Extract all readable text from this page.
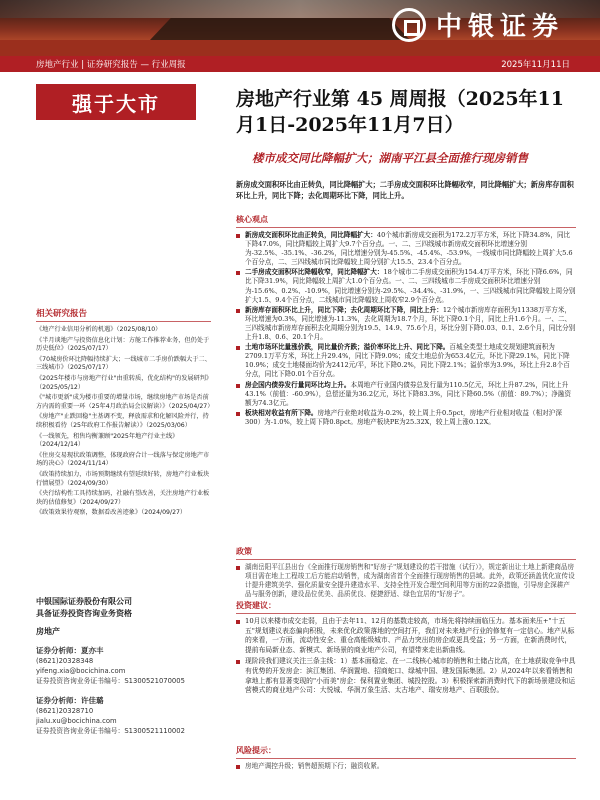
中银证券
房地产行业 | 证券研究报告 — 行业周报	2025年11月11日
强于大市	房地产行业第 45 周周报（2025年11月1日-2025年11月7日）
楼市成交同比降幅扩大；湖南平江县全面推行现房销售
相关研究报告
《地产行业信用分析的机遇》（2025/08/10）
《半月谈地产与投资信息化计划：方舱工作推荐业务，但仍处于历史低位》（2025/07/17）
《70城房价环比降幅持续扩大；一线城市二手房价跌幅大于二、三线城市》（2025/07/17）
《2025年楼市与房地产行业"由重转质，优化结构"的发展研判》（2025/05/12）
《"城市更新"成为楼市重要的增量市场，继续房地产市场是否前方内需的重要一环（25年4月政治局会议解读）》（2025/04/27）
《房地产"止跌回稳"主基调不变，释放需求和化解风险并行，持续积极看待（25年政府工作报告解读）》（2025/03/06）
《一线领先，租售均衡兼顾"2025年地产行业主线》（2024/12/14）
《住房交易现状政策调整，体现政府合计一线落与保定房地产市场的决心》（2024/11/14）
《政策持续加力，市场预期继续有望延续好转，房地产行业板块行情展望》（2024/09/30）
《央行结构性工具持续加码，社融有望改善，关注房地产行业板块的估值修复》（2024/09/27）
《政策效果待观察，数据看改善迹象》（2024/09/27）
中银国际证券股份有限公司
具备证券投资咨询业务资格
房地产
证券分析师：夏亦丰
(8621)20328348
yifeng.xia@bocichina.com
证券投资咨询业务证书编号：S1300521070005
证券分析师：许佳璐
(8621)20328710
jialu.xu@bocichina.com
证券投资咨询业务证书编号：S1300521110002
新房成交面积环比由正转负，同比降幅扩大；二手房成交面积环比降幅收窄，同比降幅扩大；新房库存面积环比上升，同比下降；去化周期环比下降，同比上升。
核心观点
新房成交面积环比由正转负，同比降幅扩大：40个城市新房成交面积为172.2万平方米，环比下降34.8%，同比下降47.0%，同比降幅较上周扩大9.7个百分点。一、二、三四线城市新房成交面积环比增速分别为-32.5%、-35.1%、-36.2%，同比增速分别为-45.5%、-45.4%、-53.9%，一线城市同比降幅较上周扩大5.6个百分点，二、三四线城市同比降幅较上周分别扩大15.5、23.4个百分点。
二手房成交面积环比降幅收窄，同比降幅扩大：18个城市二手房成交面积为154.4万平方米，环比下降6.6%，同比下降31.9%，同比降幅较上周扩大1.0个百分点。一、二、三四线城市二手房成交面积环比增速分别为-15.6%、0.2%、-10.9%，同比增速分别为-29.5%、-34.4%、-31.9%，一、三四线城市同比降幅较上周分别扩大1.5、9.4个百分点，二线城市同比降幅较上周收窄2.9个百分点。
新房库存面积环比上升，同比下降；去化周期环比下降，同比上升：12个城市新房库存面积为11338万平方米，环比增速为0.3%，同比增速为-11.3%，去化周期为18.7个月，环比下降0.1个月，同比上升1.6个月。一、二、三四线城市新房库存面积去化周期分别为19.5、14.9、75.6个月，环比分别下降0.03、0.1、2.6个月，同比分别上升1.8、0.6、20.1个月。
土地市场环比量涨价跌，同比量价齐跌；溢价率环比上升、同比下降。百城全类型土地成交规划建筑面积为2709.1万平方米，环比上升29.4%，同比下降9.0%；成交土地总价为653.4亿元，环比下降29.1%，同比下降10.9%；成交土地楼面均价为2412元/平，环比下降0.2%，同比下降2.1%；溢价率为3.9%，环比上升2.8个百分点，同比下降0.01个百分点。
房企国内债券发行量同环比均上升。本周地产行业国内债券总发行量为110.5亿元，环比上升87.2%，同比上升43.1%（前值：-60.9%），总偿还量为36.2亿元，环比下降83.3%，同比下降60.5%（前值：89.7%）；净融资额为74.3亿元。
板块相对收益有所下降。房地产行业绝对收益为-0.2%，较上周上升0.5pct，房地产行业相对收益（相对沪深300）为-1.0%，较上周下降0.8pct。房地产板块PE为25.32X，较上周上涨0.12X。
政策
湖南岳阳平江县出台《全面推行现房销售和"好房子"规划建设的若干措施（试行）》，规定新出让土地上新建商品房项目需在地上工程竣工后方能启动销售，成为湖南省首个全面推行现房销售的县域。此外，政策还涵盖优化宣传设计提升建筑美学、强化质量安全提升建造水平、支持全性开发合理空间利用等方面的22条措施，引导房企深耕产品与服务创新，建设品位优美、品质优良、便捷舒适、绿色宜居的"好房子"。
投资建议：
10月以来楼市成交走弱，且由于去年11、12月的基数走较高，市场先将持续面临压力。基本面来压+"十五五"规划建议表态偏向积极，未来优化政策落地的空间打开，我们对未来地产行业的修复有一定信心。地产从标的来看，一方面，流动性安全、重仓高能级城市、产品力突出的房企或更具受益；另一方面，在新消费时代，提前布局新业态、新模式、新场景的商业地产公司，有望带来走出新曲线。
现阶段我们建议关注三条主线：1）基本面稳定、在一二线核心城市的销售和土储占比高，在土地获取竞争中具有优势的开发房企：滨江集团、华润置地、招商蛇口、绿城中国、建发国际集团。2）从2024年以来看销售和拿地上都有显著变现的"小而美"房企：保利置业集团、城投控股。3）积极探索新消费时代下的新场景建设和运营模式的商业地产公司：大悦城、华润万象生活、太古地产、瑞安房地产、百联股份。
风险提示：
房地产调控升级；销售超预期下行；融资收紧。
